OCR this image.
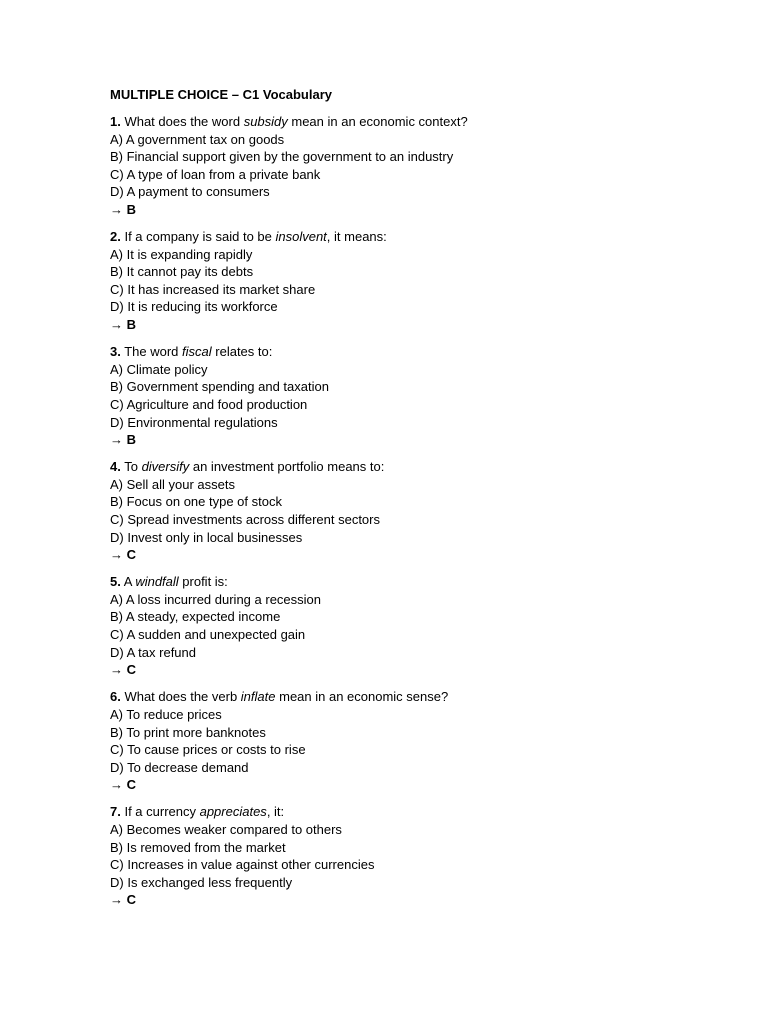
MULTIPLE CHOICE – C1 Vocabulary
1. What does the word subsidy mean in an economic context?
A) A government tax on goods
B) Financial support given by the government to an industry
C) A type of loan from a private bank
D) A payment to consumers
→ B
2. If a company is said to be insolvent, it means:
A) It is expanding rapidly
B) It cannot pay its debts
C) It has increased its market share
D) It is reducing its workforce
→ B
3. The word fiscal relates to:
A) Climate policy
B) Government spending and taxation
C) Agriculture and food production
D) Environmental regulations
→ B
4. To diversify an investment portfolio means to:
A) Sell all your assets
B) Focus on one type of stock
C) Spread investments across different sectors
D) Invest only in local businesses
→ C
5. A windfall profit is:
A) A loss incurred during a recession
B) A steady, expected income
C) A sudden and unexpected gain
D) A tax refund
→ C
6. What does the verb inflate mean in an economic sense?
A) To reduce prices
B) To print more banknotes
C) To cause prices or costs to rise
D) To decrease demand
→ C
7. If a currency appreciates, it:
A) Becomes weaker compared to others
B) Is removed from the market
C) Increases in value against other currencies
D) Is exchanged less frequently
→ C
